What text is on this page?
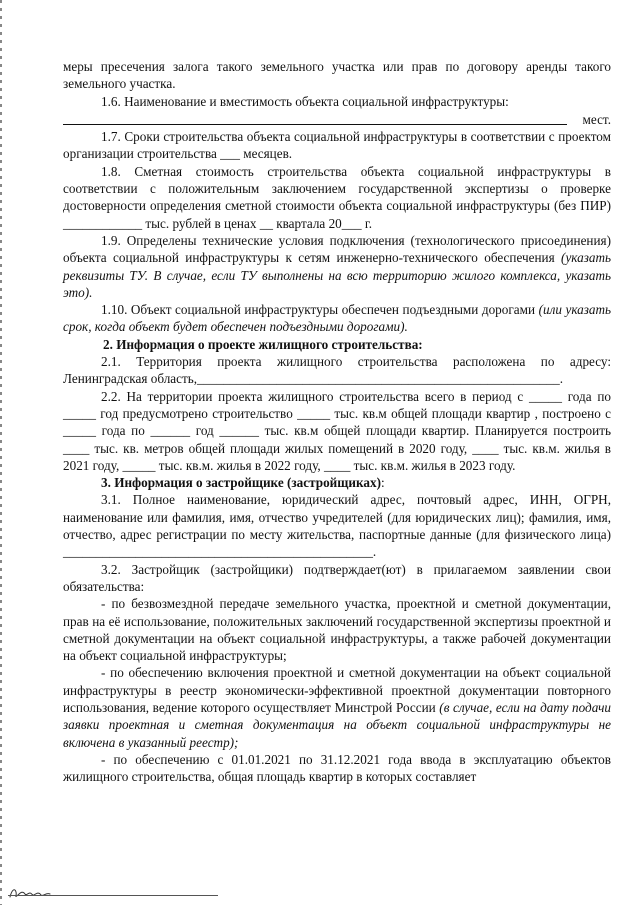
меры пресечения залога такого земельного участка или прав по договору аренды такого земельного участка.

1.6. Наименование и вместимость объекта социальной инфраструктуры:

мест.

1.7. Сроки строительства объекта социальной инфраструктуры в соответствии с проектом организации строительства ___ месяцев.

1.8. Сметная стоимость строительства объекта социальной инфраструктуры в соответствии с положительным заключением государственной экспертизы о проверке достоверности определения сметной стоимости объекта социальной инфраструктуры (без ПИР) ____________ тыс. рублей в ценах __ квартала 20___ г.

1.9. Определены технические условия подключения (технологического присоединения) объекта социальной инфраструктуры к сетям инженерно-технического обеспечения (указать реквизиты ТУ. В случае, если ТУ выполнены на всю территорию жилого комплекса, указать это).

1.10. Объект социальной инфраструктуры обеспечен подъездными дорогами (или указать срок, когда объект будет обеспечен подъездными дорогами).

2. Информация о проекте жилищного строительства:

2.1. Территория проекта жилищного строительства расположена по адресу: Ленинградская область,_______________________________________________________.

2.2. На территории проекта жилищного строительства всего в период с _____ года по _____ год предусмотрено строительство _____ тыс. кв.м общей площади квартир , построено с _____ года по ______ год ______ тыс. кв.м общей площади квартир. Планируется построить ____ тыс. кв. метров общей площади жилых помещений в 2020 году, ____ тыс. кв.м. жилья в 2021 году, _____ тыс. кв.м. жилья в 2022 году, ____ тыс. кв.м. жилья в 2023 году.

3. Информация о застройщике (застройщиках):

3.1. Полное наименование, юридический адрес, почтовый адрес, ИНН, ОГРН, наименование или фамилия, имя, отчество учредителей (для юридических лиц); фамилия, имя, отчество, адрес регистрации по месту жительства, паспортные данные (для физического лица) _______________________________________________.

3.2. Застройщик (застройщики) подтверждает(ют) в прилагаемом заявлении свои обязательства:

- по безвозмездной передаче земельного участка, проектной и сметной документации, прав на её использование, положительных заключений государственной экспертизы проектной и сметной документации на объект социальной инфраструктуры, а также рабочей документации на объект социальной инфраструктуры;

- по обеспечению включения проектной и сметной документации на объект социальной инфраструктуры в реестр экономически-эффективной проектной документации повторного использования, ведение которого осуществляет Минстрой России (в случае, если на дату подачи заявки проектная и сметная документация на объект социальной инфраструктуры не включена в указанный реестр);

- по обеспечению с 01.01.2021 по 31.12.2021 года ввода в эксплуатацию объектов жилищного строительства, общая площадь квартир в которых составляет
